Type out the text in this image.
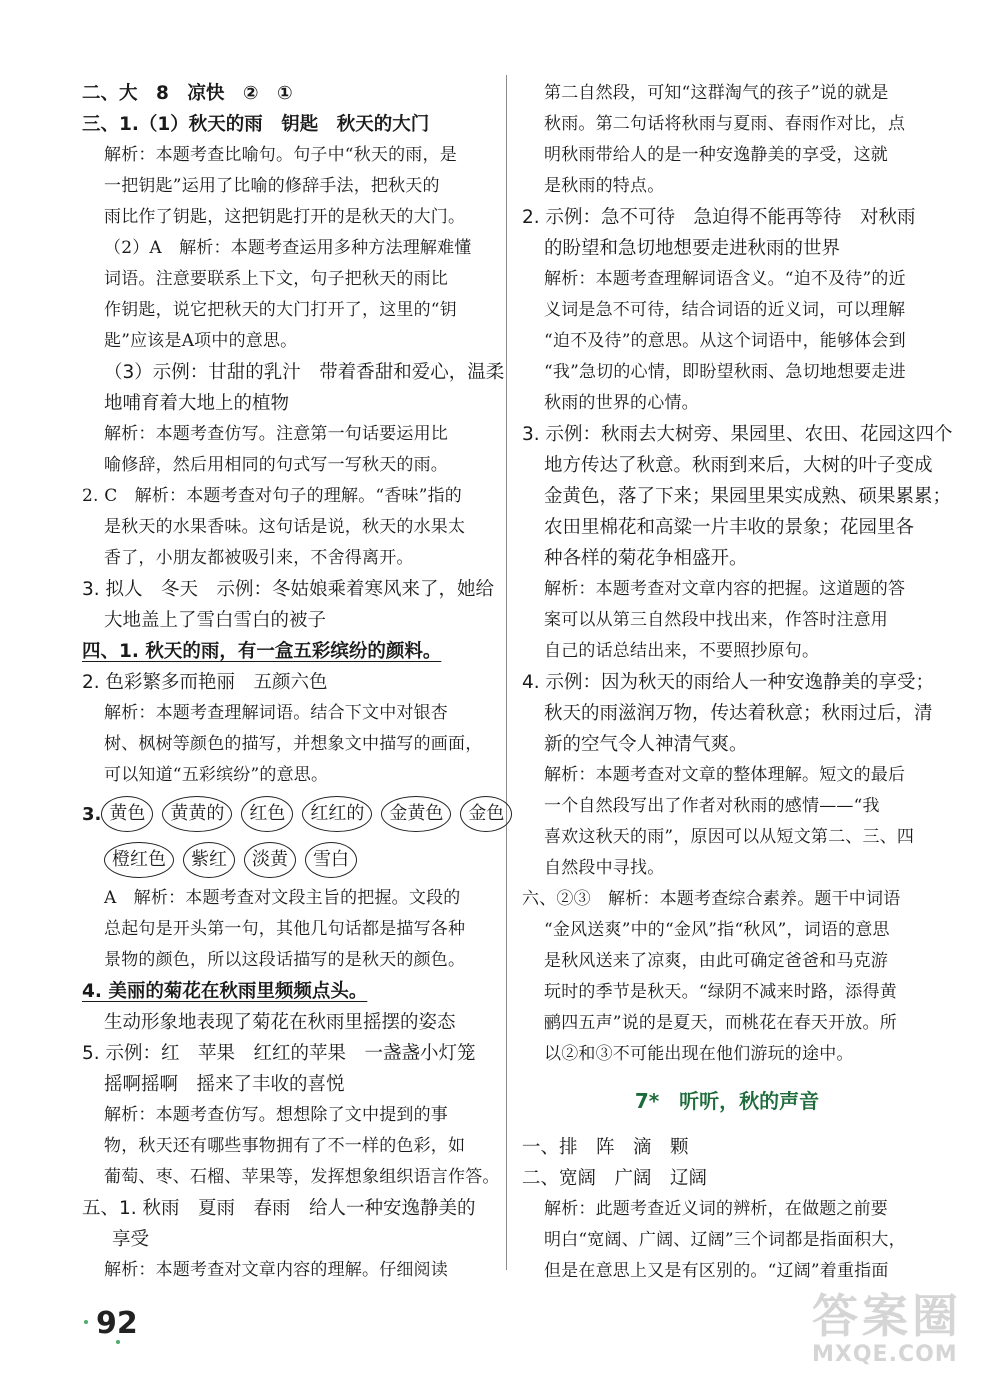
二、大　8　凉快　②　①
三、1.（1）秋天的雨　钥匙　秋天的大门
解析：本题考查比喻句。句子中“秋天的雨，是
一把钥匙”运用了比喻的修辞手法，把秋天的
雨比作了钥匙，这把钥匙打开的是秋天的大门。
（2）A　解析：本题考查运用多种方法理解难懂
词语。注意要联系上下文，句子把秋天的雨比
作钥匙，说它把秋天的大门打开了，这里的“钥
匙”应该是A项中的意思。
（3）示例：甘甜的乳汁　带着香甜和爱心，温柔
地哺育着大地上的植物
解析：本题考查仿写。注意第一句话要运用比
喻修辞，然后用相同的句式写一写秋天的雨。
2. C　解析：本题考查对句子的理解。“香味”指的
是秋天的水果香味。这句话是说，秋天的水果太
香了，小朋友都被吸引来，不舍得离开。
3. 拟人　冬天　示例：冬姑娘乘着寒风来了，她给
大地盖上了雪白雪白的被子
四、1. 秋天的雨，有一盒五彩缤纷的颜料。
2. 色彩繁多而艳丽　五颜六色
解析：本题考查理解词语。结合下文中对银杏
树、枫树等颜色的描写，并想象文中描写的画面，
可以知道“五彩缤纷”的意思。
3. 黄色	黄黄的	红色	红红的	金黄色	金色
橙红色	紫红	淡黄	雪白
A　解析：本题考查对文段主旨的把握。文段的
总起句是开头第一句，其他几句话都是描写各种
景物的颜色，所以这段话描写的是秋天的颜色。
4. 美丽的菊花在秋雨里频频点头。
生动形象地表现了菊花在秋雨里摇摆的姿态
5. 示例：红　苹果　红红的苹果　一盏盏小灯笼
摇啊摇啊　摇来了丰收的喜悦
解析：本题考查仿写。想想除了文中提到的事
物，秋天还有哪些事物拥有了不一样的色彩，如
葡萄、枣、石榴、苹果等，发挥想象组织语言作答。
五、1. 秋雨　夏雨　春雨　给人一种安逸静美的
享受
解析：本题考查对文章内容的理解。仔细阅读
第二自然段，可知“这群淘气的孩子”说的就是
秋雨。第二句话将秋雨与夏雨、春雨作对比，点
明秋雨带给人的是一种安逸静美的享受，这就
是秋雨的特点。
2. 示例：急不可待　急迫得不能再等待　对秋雨
的盼望和急切地想要走进秋雨的世界
解析：本题考查理解词语含义。“迫不及待”的近
义词是急不可待，结合词语的近义词，可以理解
“迫不及待”的意思。从这个词语中，能够体会到
“我”急切的心情，即盼望秋雨、急切地想要走进
秋雨的世界的心情。
3. 示例：秋雨去大树旁、果园里、农田、花园这四个
地方传达了秋意。秋雨到来后，大树的叶子变成
金黄色，落了下来；果园里果实成熟、硕果累累；
农田里棉花和高粱一片丰收的景象；花园里各
种各样的菊花争相盛开。
解析：本题考查对文章内容的把握。这道题的答
案可以从第三自然段中找出来，作答时注意用
自己的话总结出来，不要照抄原句。
4. 示例：因为秋天的雨给人一种安逸静美的享受；
秋天的雨滋润万物，传达着秋意；秋雨过后，清
新的空气令人神清气爽。
解析：本题考查对文章的整体理解。短文的最后
一个自然段写出了作者对秋雨的感情——“我
喜欢这秋天的雨”，原因可以从短文第二、三、四
自然段中寻找。
六、②③　解析：本题考查综合素养。题干中词语
“金风送爽”中的“金风”指“秋风”，词语的意思
是秋风送来了凉爽，由此可确定爸爸和马克游
玩时的季节是秋天。“绿阴不减来时路，添得黄
鹂四五声”说的是夏天，而桃花在春天开放。所
以②和③不可能出现在他们游玩的途中。
7*　听听，秋的声音
一、排　阵　滴　颗
二、宽阔　广阔　辽阔
解析：此题考查近义词的辨析，在做题之前要
明白“宽阔、广阔、辽阔”三个词都是指面积大，
但是在意思上又是有区别的。“辽阔”着重指面
92	答案圈
MXQE.COM
